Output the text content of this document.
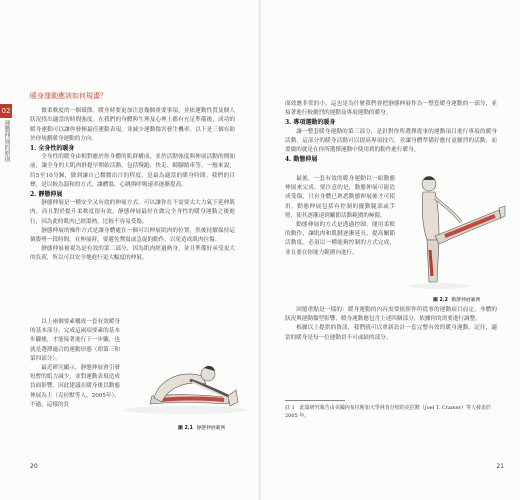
02
運動伸展的原則
暖身運動應該如何規畫？

做柔軟度的一個環節。暖身時要更加注意幾個重要事項，並依運動性質及個人狀況找出適當的時間強度。在我們的身體與生理及心理上都有充足準備後，成功的暖身運動可以讓你發揮最佳運動表現，並減少運動傷害發生機率。以下是三個有助於你規劃暖身運動的方向。

1. 全身性的暖身

全身性的暖身由相對應於你身體的肌群構成，並於活動強度與伸展活動的開始前，讓全身的大肌肉群提早開始活動，包括慢跑、快走、騎腳踏車等。一般來說，約5至10分鐘，做到讓自己微微出汗的程度，是最為適當的暖身時間。我們的目標，是以較為溫和的方式，讓體溫、心跳與呼吸速率逐漸提高。

2. 靜態伸展

靜態伸展是一種安全又有效的伸展方式，可以讓你在不需要太大力氣下延伸肌肉，而且對於提升柔軟度很有效。靜態伸展最好在做完全身性的暖身運動之後進行，因為此時肌肉已經溫熱，比較不容易受傷。

靜態伸展的操作方式是讓身體處在一個可以伸展肌肉的位置，然後持續保持這個姿勢一段時間。在伸展時，要避免彈震或急促的動作，以免造成肌肉拉傷。

靜態伸展被視為是有效的第二部分，因為肌肉經過熱身，並且準備好承受更大的負荷，所以可以安全地進行更大幅度的伸展。

以上兩個要素構成一套有效暖身的基本部分，完成這兩項要素的基本步驟後，才能接著進行下一步驟，也就是選擇適合的運動形態（即第三和第四部分）。

最近研究顯示，靜態伸展會引發短暫的肌力減少，並對運動表現造成負面影響，因此建議在暖身後以動態伸展為主（克拉默等人，2005年）。不過，這樣的負

圖 2.1 靜態伸展範例
20

面效應非常的小，這也是為什麼我們會把靜態伸展作為一整套暖身運動的一部分，並接著進行較劇烈的運動及專項運動的暖身。

3. 專項運動的暖身

讓一整套暖身運動的第三部分，是針對你所選擇從事的運動項目進行專項的暖身活動。這部分的暖身活動可以提高專項技巧，並讓身體準備好應付更劇烈的活動，而要做的就是在你所選擇運動中使用到的動作進行暖身。

4. 動態伸展

最後，一套有效的暖身運動以一組動態伸展來完成。要注意的是，動態伸展可能造成受傷，只有身體已熟悉動態伸展後才可使用。動態伸展包括有控制的擺動腿部或手臂，使其逐漸達到關節活動範圍的極限。

動態伸展的方式是透過控制、運用柔軟的動作，讓肌肉和肌腱逐漸延長，提高關節活動度。必須以一種能夠控制的方式完成，並且要在你能力範圍內進行。

圖 2.2 動態伸展範例

回憶重點是一樣的：暖身運動的內容需要依照你所從事的運動項目而定，身體的狀況與運動類型影響，暖身運動應包含上述四個部分，依據你的需要進行調整。

根據以上提供的資訊，我們就可以重新設計一套完整有效的暖身運動。記住，適當的暖身是每一位運動員不可或缺的部分。

註 1　此篇研究報告由美國內布拉斯加大學林肯分校的克拉默（Joel T. Cramer）等人發表於 2005 年。
21
